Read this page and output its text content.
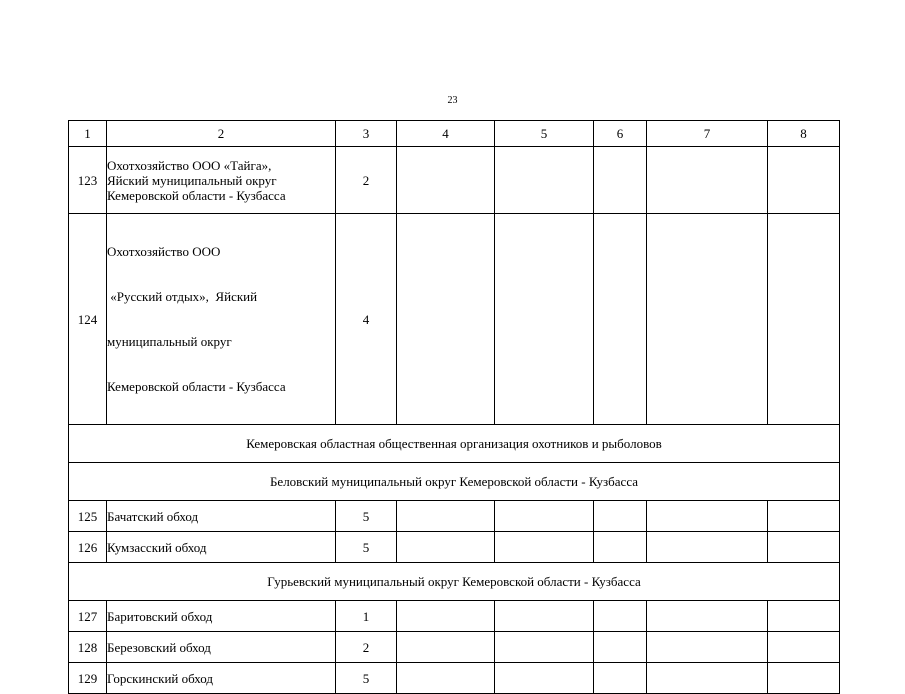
23
1	2	3	4	5	6	7	8
123	Охотхозяйство ООО «Тайга»,
Яйский муниципальный округ
Кемеровской области - Кузбасса	2					
124	Охотхозяйство ООО

«Русский отдых»,  Яйский

муниципальный округ

Кемеровской области - Кузбасса	4					
Кемеровская областная общественная организация охотников и рыболовов							
Беловский муниципальный округ Кемеровской области - Кузбасса							
125	Бачатский обход	5					
126	Кумзасский обход	5					
Гурьевский муниципальный округ Кемеровской области - Кузбасса							
127	Баритовский обход	1					
128	Березовский обход	2					
129	Горскинский обход	5					
